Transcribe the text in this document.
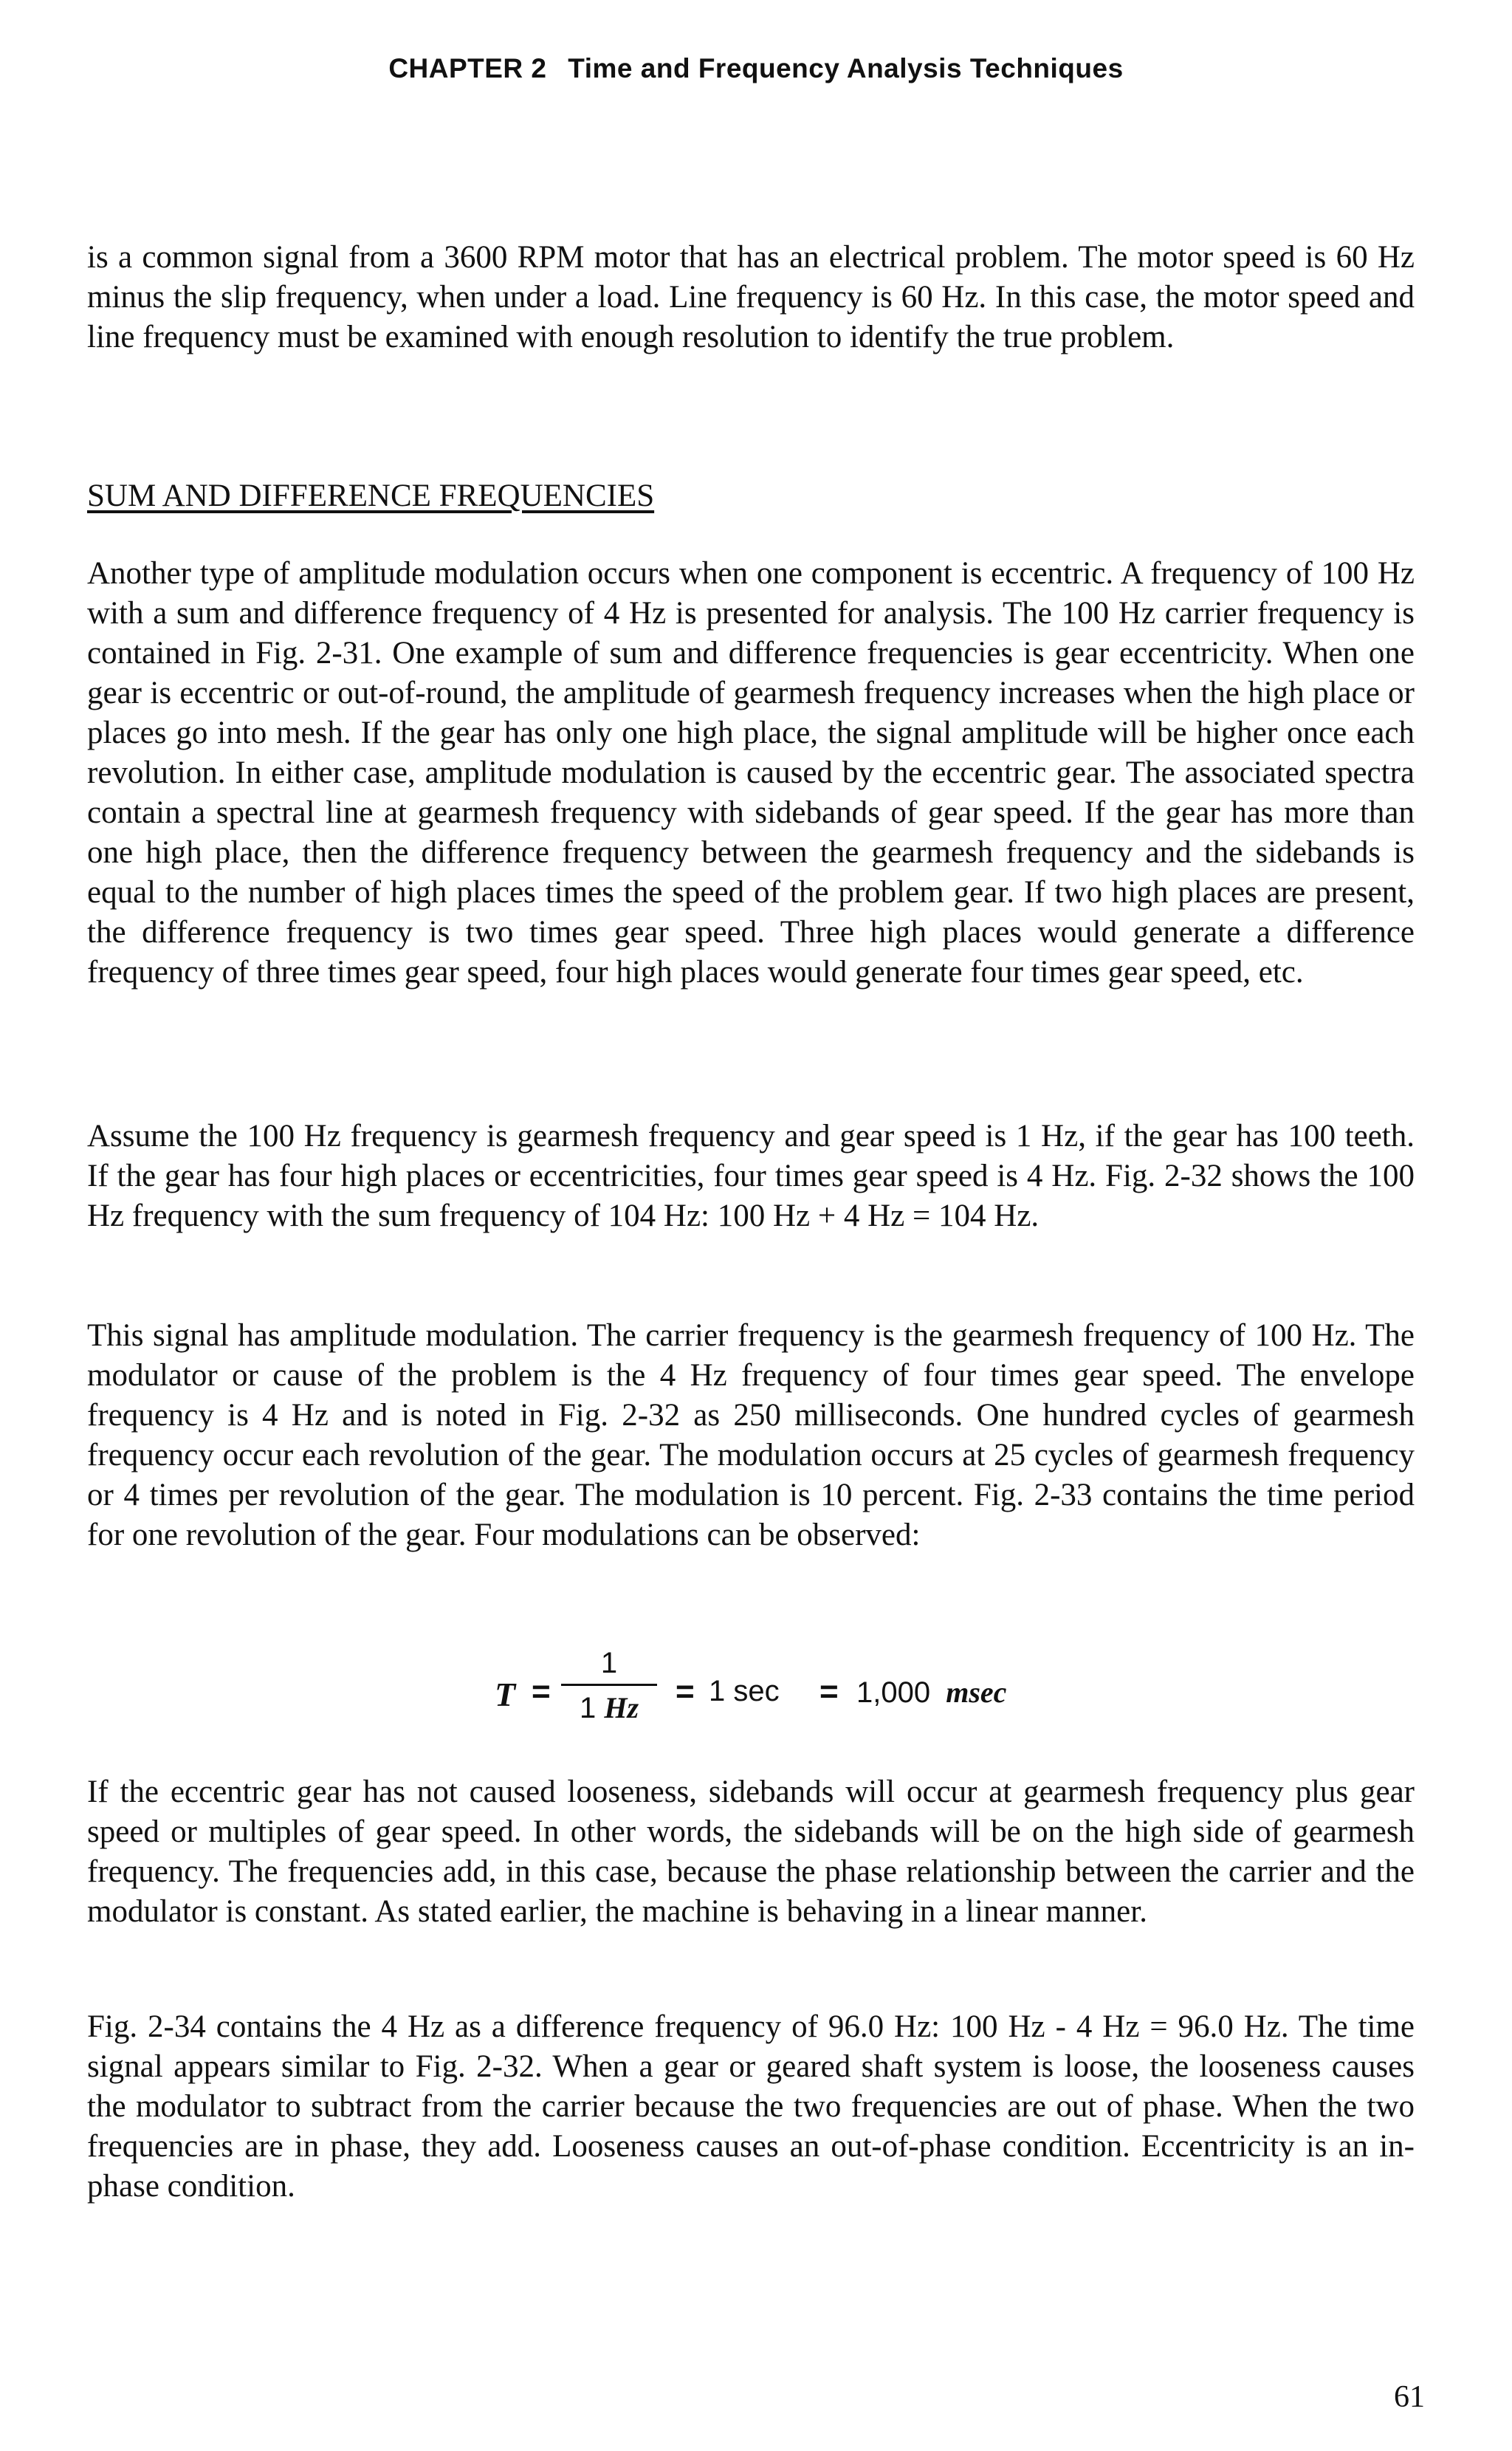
CHAPTER 2 Time and Frequency Analysis Techniques

is a common signal from a 3600 RPM motor that has an electrical problem. The motor speed is 60 Hz minus the slip frequency, when under a load. Line frequency is 60 Hz. In this case, the motor speed and line frequency must be examined with enough resolution to identify the true problem.

SUM AND DIFFERENCE FREQUENCIES

Another type of amplitude modulation occurs when one component is eccentric. A frequency of 100 Hz with a sum and difference frequency of 4 Hz is presented for analysis. The 100 Hz carrier frequency is contained in Fig. 2-31. One example of sum and difference frequencies is gear eccentricity. When one gear is eccentric or out-of-round, the amplitude of gearmesh frequency increases when the high place or places go into mesh. If the gear has only one high place, the signal amplitude will be higher once each revolution. In either case, amplitude modulation is caused by the eccentric gear. The associated spectra contain a spectral line at gearmesh frequency with sidebands of gear speed. If the gear has more than one high place, then the difference frequency between the gearmesh frequency and the sidebands is equal to the number of high places times the speed of the problem gear. If two high places are present, the difference frequency is two times gear speed. Three high places would generate a difference frequency of three times gear speed, four high places would generate four times gear speed, etc.

Assume the 100 Hz frequency is gearmesh frequency and gear speed is 1 Hz, if the gear has 100 teeth. If the gear has four high places or eccentricities, four times gear speed is 4 Hz. Fig. 2-32 shows the 100 Hz frequency with the sum frequency of 104 Hz: 100 Hz + 4 Hz = 104 Hz.

This signal has amplitude modulation. The carrier frequency is the gearmesh frequency of 100 Hz. The modulator or cause of the problem is the 4 Hz frequency of four times gear speed. The envelope frequency is 4 Hz and is noted in Fig. 2-32 as 250 milliseconds. One hundred cycles of gearmesh frequency occur each revolution of the gear. The modulation occurs at 25 cycles of gearmesh frequency or 4 times per revolution of the gear. The modulation is 10 percent. Fig. 2-33 contains the time period for one revolution of the gear. Four modulations can be observed:

T =
1
1 Hz	= 1 sec = 1,000 msec

If the eccentric gear has not caused looseness, sidebands will occur at gearmesh frequency plus gear speed or multiples of gear speed. In other words, the sidebands will be on the high side of gearmesh frequency. The frequencies add, in this case, because the phase relationship between the carrier and the modulator is constant. As stated earlier, the machine is behaving in a linear manner.

Fig. 2-34 contains the 4 Hz as a difference frequency of 96.0 Hz: 100 Hz - 4 Hz = 96.0 Hz. The time signal appears similar to Fig. 2-32. When a gear or geared shaft system is loose, the looseness causes the modulator to subtract from the carrier because the two frequencies are out of phase. When the two frequencies are in phase, they add. Looseness causes an out-of-phase condition. Eccentricity is an in-phase condition.

61
